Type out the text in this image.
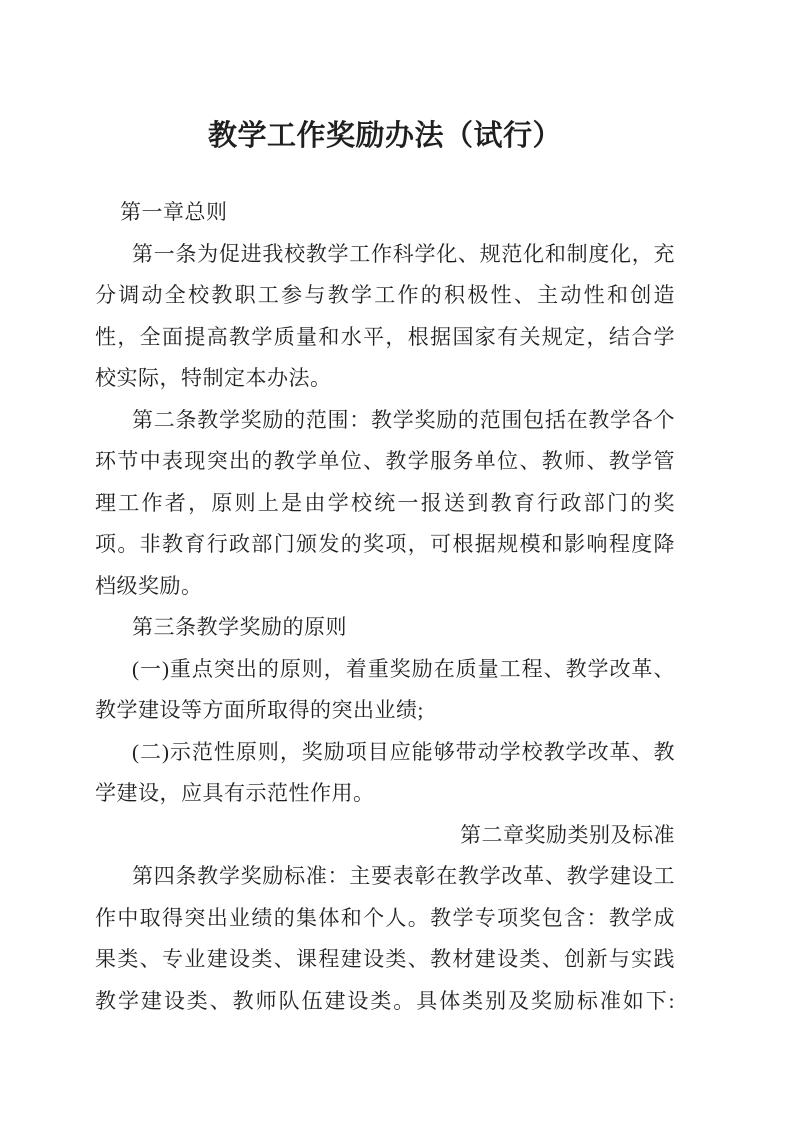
教学工作奖励办法（试行）
第一章总则
第一条为促进我校教学工作科学化、规范化和制度化，充
分调动全校教职工参与教学工作的积极性、主动性和创造
性，全面提高教学质量和水平，根据国家有关规定，结合学
校实际，特制定本办法。
第二条教学奖励的范围：教学奖励的范围包括在教学各个
环节中表现突出的教学单位、教学服务单位、教师、教学管
理工作者，原则上是由学校统一报送到教育行政部门的奖
项。非教育行政部门颁发的奖项，可根据规模和影响程度降
档级奖励。
第三条教学奖励的原则
(一)重点突出的原则，着重奖励在质量工程、教学改革、
教学建设等方面所取得的突出业绩;
(二)示范性原则，奖励项目应能够带动学校教学改革、教
学建设，应具有示范性作用。
第二章奖励类别及标准
第四条教学奖励标准：主要表彰在教学改革、教学建设工
作中取得突出业绩的集体和个人。教学专项奖包含：教学成
果类、专业建设类、课程建设类、教材建设类、创新与实践
教学建设类、教师队伍建设类。具体类别及奖励标准如下:
